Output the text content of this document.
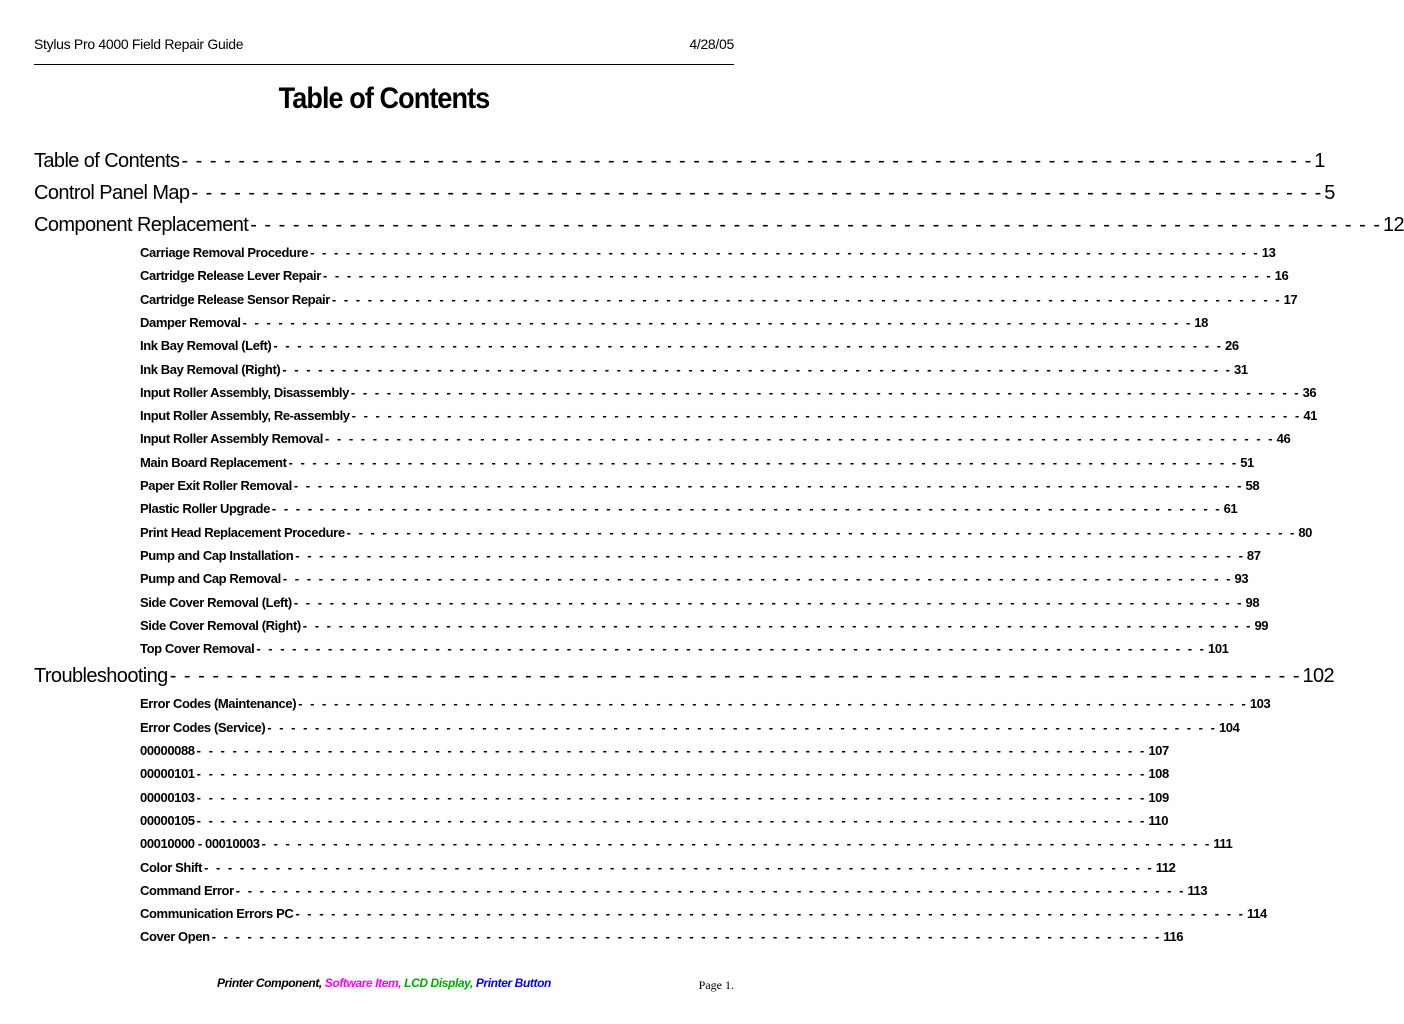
Stylus Pro 4000 Field Repair Guide	4/28/05
Table of Contents
Table of Contents - - - - - - - - - - - - - - - - - - - - - - - - - - - - - - - - - - - - - - - - - - - - - - - - - - - - - - - - - - - - - - - - - - - - - - - - - - - - - - - - 1
Control Panel Map - - - - - - - - - - - - - - - - - - - - - - - - - - - - - - - - - - - - - - - - - - - - - - - - - - - - - - - - - - - - - - - - - - - - - - - - - - - - - - - - 5
Component Replacement - - - - - - - - - - - - - - - - - - - - - - - - - - - - - - - - - - - - - - - - - - - - - - - - - - - - - - - - - - - - - - - - - - - - - - - - - - - - - - - - 12
Carriage Removal Procedure - - - - - - - - - - - - - - - - - - - - - - - - - - - - - - - - - - - - - - - - - - - - - - - - - - - - - - - - - - - - - - - - - - - - - - - - - - - - - - - - 13
Cartridge Release Lever Repair - - - - - - - - - - - - - - - - - - - - - - - - - - - - - - - - - - - - - - - - - - - - - - - - - - - - - - - - - - - - - - - - - - - - - - - - - - - - - - - - 16
Cartridge Release Sensor Repair - - - - - - - - - - - - - - - - - - - - - - - - - - - - - - - - - - - - - - - - - - - - - - - - - - - - - - - - - - - - - - - - - - - - - - - - - - - - - - - - 17
Damper Removal - - - - - - - - - - - - - - - - - - - - - - - - - - - - - - - - - - - - - - - - - - - - - - - - - - - - - - - - - - - - - - - - - - - - - - - - - - - - - - - - 18
Ink Bay Removal (Left) - - - - - - - - - - - - - - - - - - - - - - - - - - - - - - - - - - - - - - - - - - - - - - - - - - - - - - - - - - - - - - - - - - - - - - - - - - - - - - - - 26
Ink Bay Removal (Right) - - - - - - - - - - - - - - - - - - - - - - - - - - - - - - - - - - - - - - - - - - - - - - - - - - - - - - - - - - - - - - - - - - - - - - - - - - - - - - - - 31
Input Roller Assembly, Disassembly - - - - - - - - - - - - - - - - - - - - - - - - - - - - - - - - - - - - - - - - - - - - - - - - - - - - - - - - - - - - - - - - - - - - - - - - - - - - - - - - 36
Input Roller Assembly, Re-assembly - - - - - - - - - - - - - - - - - - - - - - - - - - - - - - - - - - - - - - - - - - - - - - - - - - - - - - - - - - - - - - - - - - - - - - - - - - - - - - - - 41
Input Roller Assembly Removal - - - - - - - - - - - - - - - - - - - - - - - - - - - - - - - - - - - - - - - - - - - - - - - - - - - - - - - - - - - - - - - - - - - - - - - - - - - - - - - - 46
Main Board Replacement - - - - - - - - - - - - - - - - - - - - - - - - - - - - - - - - - - - - - - - - - - - - - - - - - - - - - - - - - - - - - - - - - - - - - - - - - - - - - - - - 51
Paper Exit Roller Removal - - - - - - - - - - - - - - - - - - - - - - - - - - - - - - - - - - - - - - - - - - - - - - - - - - - - - - - - - - - - - - - - - - - - - - - - - - - - - - - - 58
Plastic Roller Upgrade - - - - - - - - - - - - - - - - - - - - - - - - - - - - - - - - - - - - - - - - - - - - - - - - - - - - - - - - - - - - - - - - - - - - - - - - - - - - - - - - 61
Print Head Replacement Procedure - - - - - - - - - - - - - - - - - - - - - - - - - - - - - - - - - - - - - - - - - - - - - - - - - - - - - - - - - - - - - - - - - - - - - - - - - - - - - - - - 80
Pump and Cap Installation - - - - - - - - - - - - - - - - - - - - - - - - - - - - - - - - - - - - - - - - - - - - - - - - - - - - - - - - - - - - - - - - - - - - - - - - - - - - - - - - 87
Pump and Cap Removal - - - - - - - - - - - - - - - - - - - - - - - - - - - - - - - - - - - - - - - - - - - - - - - - - - - - - - - - - - - - - - - - - - - - - - - - - - - - - - - - 93
Side Cover Removal (Left) - - - - - - - - - - - - - - - - - - - - - - - - - - - - - - - - - - - - - - - - - - - - - - - - - - - - - - - - - - - - - - - - - - - - - - - - - - - - - - - - 98
Side Cover Removal (Right) - - - - - - - - - - - - - - - - - - - - - - - - - - - - - - - - - - - - - - - - - - - - - - - - - - - - - - - - - - - - - - - - - - - - - - - - - - - - - - - - 99
Top Cover Removal - - - - - - - - - - - - - - - - - - - - - - - - - - - - - - - - - - - - - - - - - - - - - - - - - - - - - - - - - - - - - - - - - - - - - - - - - - - - - - - - 101
Troubleshooting - - - - - - - - - - - - - - - - - - - - - - - - - - - - - - - - - - - - - - - - - - - - - - - - - - - - - - - - - - - - - - - - - - - - - - - - - - - - - - - - 102
Error Codes (Maintenance) - - - - - - - - - - - - - - - - - - - - - - - - - - - - - - - - - - - - - - - - - - - - - - - - - - - - - - - - - - - - - - - - - - - - - - - - - - - - - - - - 103
Error Codes (Service) - - - - - - - - - - - - - - - - - - - - - - - - - - - - - - - - - - - - - - - - - - - - - - - - - - - - - - - - - - - - - - - - - - - - - - - - - - - - - - - - 104
00000088 - - - - - - - - - - - - - - - - - - - - - - - - - - - - - - - - - - - - - - - - - - - - - - - - - - - - - - - - - - - - - - - - - - - - - - - - - - - - - - - - 107
00000101 - - - - - - - - - - - - - - - - - - - - - - - - - - - - - - - - - - - - - - - - - - - - - - - - - - - - - - - - - - - - - - - - - - - - - - - - - - - - - - - - 108
00000103 - - - - - - - - - - - - - - - - - - - - - - - - - - - - - - - - - - - - - - - - - - - - - - - - - - - - - - - - - - - - - - - - - - - - - - - - - - - - - - - - 109
00000105 - - - - - - - - - - - - - - - - - - - - - - - - - - - - - - - - - - - - - - - - - - - - - - - - - - - - - - - - - - - - - - - - - - - - - - - - - - - - - - - - 110
00010000 - 00010003 - - - - - - - - - - - - - - - - - - - - - - - - - - - - - - - - - - - - - - - - - - - - - - - - - - - - - - - - - - - - - - - - - - - - - - - - - - - - - - - - 111
Color Shift - - - - - - - - - - - - - - - - - - - - - - - - - - - - - - - - - - - - - - - - - - - - - - - - - - - - - - - - - - - - - - - - - - - - - - - - - - - - - - - - 112
Command Error - - - - - - - - - - - - - - - - - - - - - - - - - - - - - - - - - - - - - - - - - - - - - - - - - - - - - - - - - - - - - - - - - - - - - - - - - - - - - - - - 113
Communication Errors PC - - - - - - - - - - - - - - - - - - - - - - - - - - - - - - - - - - - - - - - - - - - - - - - - - - - - - - - - - - - - - - - - - - - - - - - - - - - - - - - - 114
Cover Open - - - - - - - - - - - - - - - - - - - - - - - - - - - - - - - - - - - - - - - - - - - - - - - - - - - - - - - - - - - - - - - - - - - - - - - - - - - - - - - - 116
Printer Component, Software Item, LCD Display, Printer Button	Page 1.
